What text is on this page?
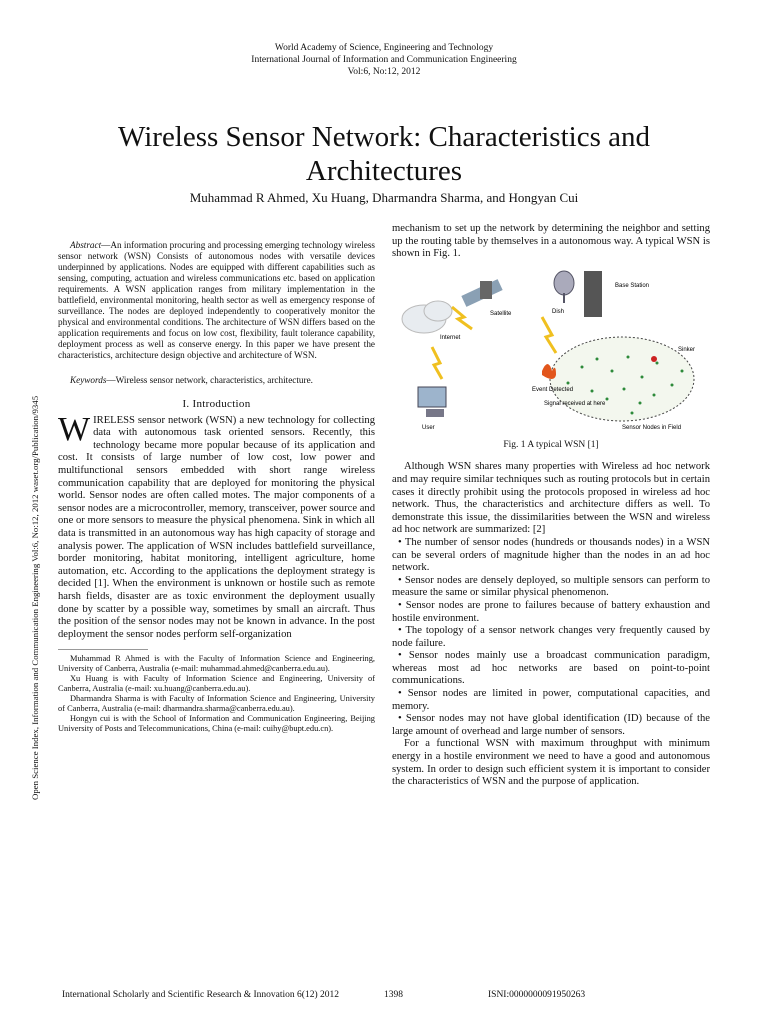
World Academy of Science, Engineering and Technology
International Journal of Information and Communication Engineering
Vol:6, No:12, 2012
Wireless Sensor Network: Characteristics and
Architectures
Muhammad R Ahmed, Xu Huang, Dharmandra Sharma, and Hongyan Cui
Open Science Index, Information and Communication Engineering Vol:6, No:12, 2012 waset.org/Publication/9345

Abstract—An information procuring and processing emerging technology wireless sensor network (WSN) Consists of autonomous nodes with versatile devices underpinned by applications. Nodes are equipped with different capabilities such as sensing, computing, actuation and wireless communications etc. based on application requirements. A WSN application ranges from military implementation in the battlefield, environmental monitoring, health sector as well as emergency response of surveillance. The nodes are deployed independently to cooperatively monitor the physical and environmental conditions. The architecture of WSN differs based on the application requirements and focus on low cost, flexibility, fault tolerance capability, deployment process as well as conserve energy. In this paper we have present the characteristics, architecture design objective and architecture of WSN.

Keywords—Wireless sensor network, characteristics, architecture.

I. Introduction

WIRELESS sensor network (WSN) a new technology for collecting data with autonomous task oriented sensors. Recently, this technology became more popular because of its application and cost. It consists of large number of low cost, low power and multifunctional sensors embedded with short range wireless communication capability that are deployed for monitoring the physical world. Sensor nodes are often called motes. The major components of a sensor nodes are a microcontroller, memory, transceiver, power source and one or more sensors to measure the physical phenomena. Sink in which all data is transmitted in an autonomous way has high capacity of storage and analysis power. The application of WSN includes battlefield surveillance, border monitoring, habitat monitoring, intelligent agriculture, home automation, etc. According to the applications the deployment strategy is decided [1]. When the environment is unknown or hostile such as remote harsh fields, disaster are as toxic environment the deployment usually done by scatter by a possible way, sometimes by small an aircraft. Thus the position of the sensor nodes may not be known in advance. In the post deployment the sensor nodes perform self-organization

Muhammad R Ahmed is with the Faculty of Information Science and Engineering, University of Canberra, Australia (e-mail: muhammad.ahmed@canberra.edu.au).

Xu Huang is with Faculty of Information Science and Engineering, University of Canberra, Australia (e-mail: xu.huang@canberra.edu.au).

Dharmandra Sharma is with Faculty of Information Science and Engineering, University of Canberra, Australia (e-mail: dharmandra.sharma@canberra.edu.au).

Hongyn cui is with the School of Information and Communication Engineering, Beijing University of Posts and Telecommunications, China (e-mail: cuihy@bupt.edu.cn).

mechanism to set up the network by determining the neighbor and setting up the routing table by themselves in a autonomous way. A typical WSN is shown in Fig. 1.

Satellite	Dish
Base Station
Internet
Sinker
Event Detected
Signal received at here
User	Sensor Nodes in Field
Fig. 1 A typical WSN [1]

Although WSN shares many properties with Wireless ad hoc network and may require similar techniques such as routing protocols but in certain cases it directly prohibit using the protocols proposed in wireless ad hoc network. Thus, the characteristics and architecture differs as well. To demonstrate this issue, the dissimilarities between the WSN and wireless ad hoc network are summarized: [2]

• The number of sensor nodes (hundreds or thousands nodes) in a WSN can be several orders of magnitude higher than the nodes in an ad hoc network.

• Sensor nodes are densely deployed, so multiple sensors can perform to measure the same or similar physical phenomenon.

• Sensor nodes are prone to failures because of battery exhaustion and hostile environment.

• The topology of a sensor network changes very frequently caused by node failure.

• Sensor nodes mainly use a broadcast communication paradigm, whereas most ad hoc networks are based on point-to-point communications.

• Sensor nodes are limited in power, computational capacities, and memory.

• Sensor nodes may not have global identification (ID) because of the large amount of overhead and large number of sensors.

For a functional WSN with maximum throughput with minimum energy in a hostile environment we need to have a good and autonomous system. In order to design such efficient system it is important to consider the characteristics of WSN and the purpose of application.

International Scholarly and Scientific Research & Innovation 6(12) 2012	1398	ISNI:0000000091950263
